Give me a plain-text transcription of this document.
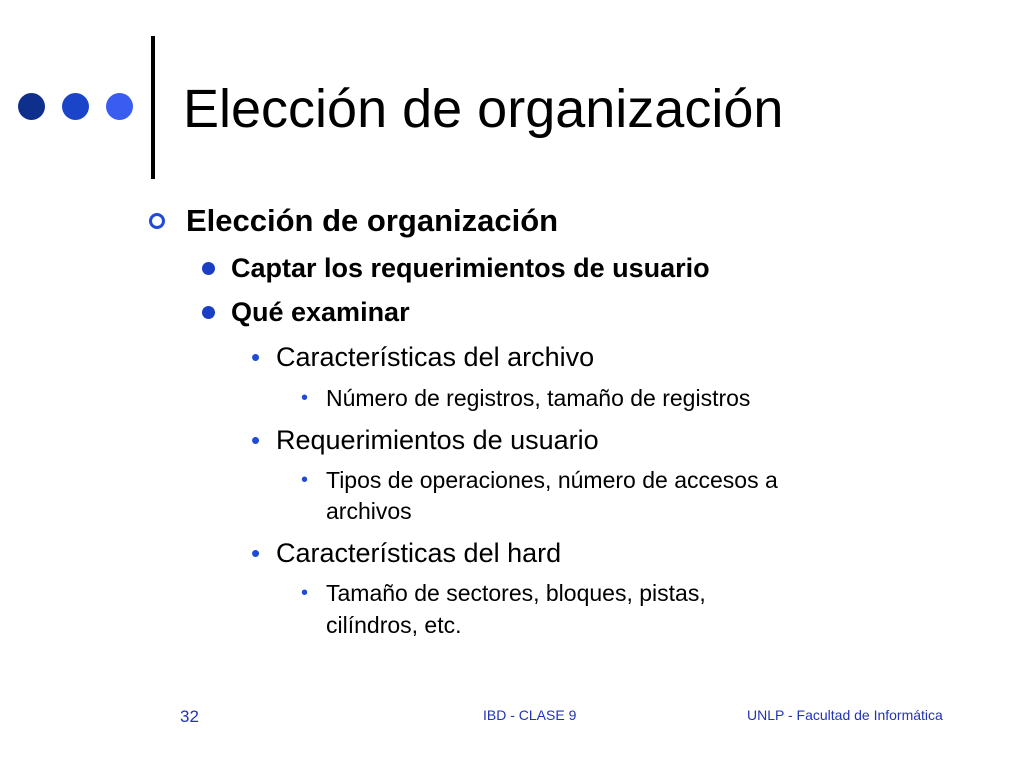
Elección de organización
Elección de organización
Captar los requerimientos de usuario
Qué examinar
• Características del archivo
• Número de registros, tamaño de registros
• Requerimientos de usuario
• Tipos de operaciones, número de accesos a
archivos
• Características del hard
• Tamaño de sectores, bloques, pistas,
cilíndros, etc.
32	IBD - CLASE 9	UNLP - Facultad de Informática
